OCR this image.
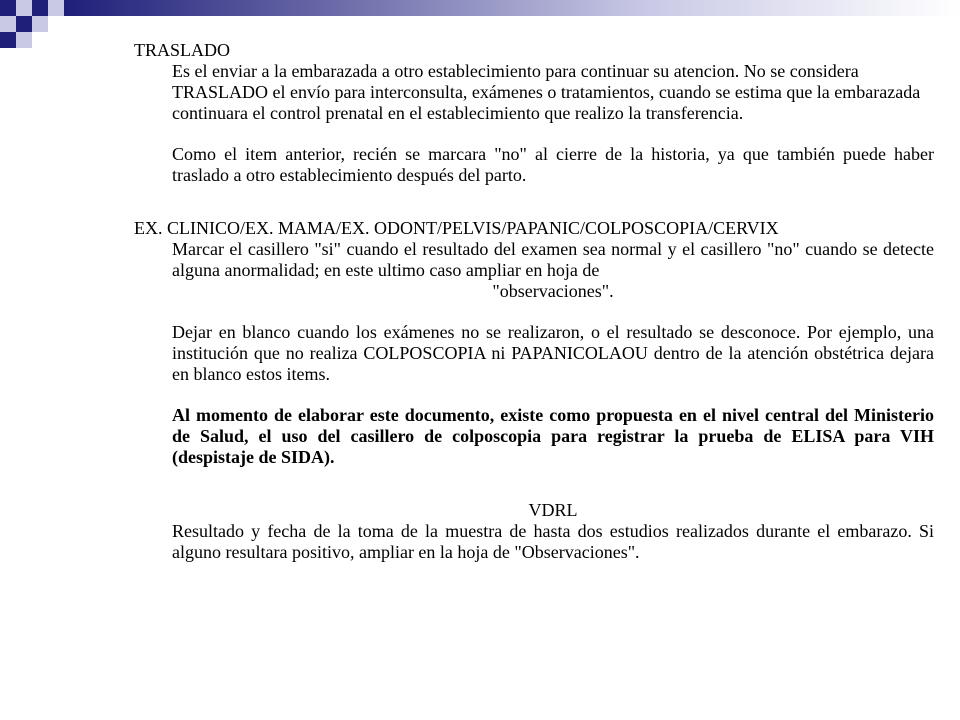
TRASLADO

Es el enviar a la embarazada a otro establecimiento para continuar su atencion. No se considera TRASLADO el envío para interconsulta, exámenes o tratamientos, cuando se estima que la embarazada continuara el control prenatal en el establecimiento que realizo la transferencia.

Como el item anterior, recién se marcara "no" al cierre de la historia, ya que también puede haber traslado a otro establecimiento después del parto.

EX. CLINICO/EX. MAMA/EX. ODONT/PELVIS/PAPANIC/COLPOSCOPIA/CERVIX

Marcar el casillero "si" cuando el resultado del examen sea normal y el casillero "no" cuando se detecte alguna anormalidad; en este ultimo caso ampliar en hoja de
"observaciones".

Dejar en blanco cuando los exámenes no se realizaron, o el resultado se desconoce. Por ejemplo, una institución que no realiza COLPOSCOPIA ni PAPANICOLAOU dentro de la atención obstétrica dejara en blanco estos items.

Al momento de elaborar este documento, existe como propuesta en el nivel central del Ministerio de Salud, el uso del casillero de colposcopia para registrar la prueba de ELISA para VIH (despistaje de SIDA).

VDRL

Resultado y fecha de la toma de la muestra de hasta dos estudios realizados durante el embarazo. Si alguno resultara positivo, ampliar en la hoja de "Observaciones".
